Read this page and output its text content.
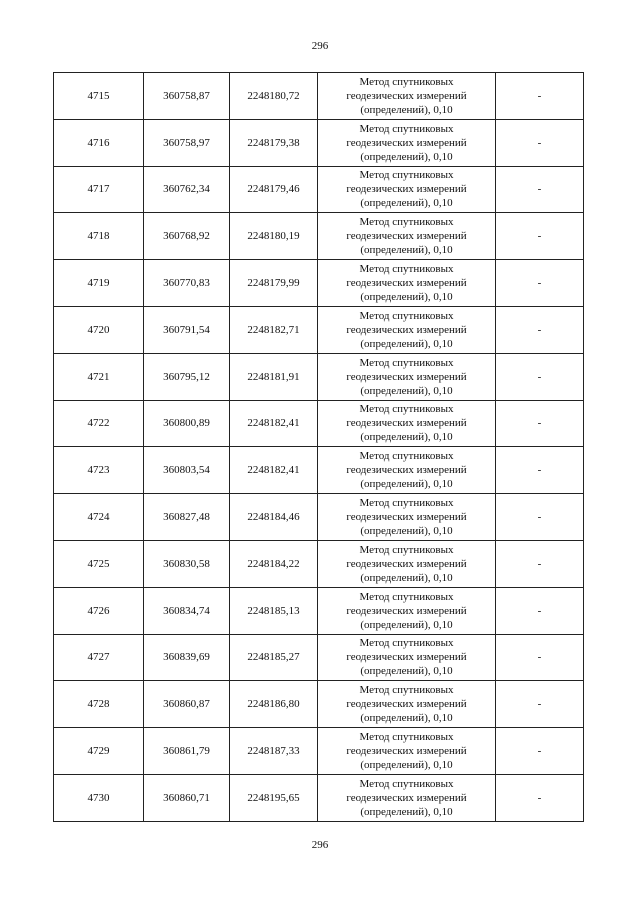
296
4715	360758,87	2248180,72	Метод спутниковых
геодезических измерений
(определений), 0,10	-
4716	360758,97	2248179,38	Метод спутниковых
геодезических измерений
(определений), 0,10	-
4717	360762,34	2248179,46	Метод спутниковых
геодезических измерений
(определений), 0,10	-
4718	360768,92	2248180,19	Метод спутниковых
геодезических измерений
(определений), 0,10	-
4719	360770,83	2248179,99	Метод спутниковых
геодезических измерений
(определений), 0,10	-
4720	360791,54	2248182,71	Метод спутниковых
геодезических измерений
(определений), 0,10	-
4721	360795,12	2248181,91	Метод спутниковых
геодезических измерений
(определений), 0,10	-
4722	360800,89	2248182,41	Метод спутниковых
геодезических измерений
(определений), 0,10	-
4723	360803,54	2248182,41	Метод спутниковых
геодезических измерений
(определений), 0,10	-
4724	360827,48	2248184,46	Метод спутниковых
геодезических измерений
(определений), 0,10	-
4725	360830,58	2248184,22	Метод спутниковых
геодезических измерений
(определений), 0,10	-
4726	360834,74	2248185,13	Метод спутниковых
геодезических измерений
(определений), 0,10	-
4727	360839,69	2248185,27	Метод спутниковых
геодезических измерений
(определений), 0,10	-
4728	360860,87	2248186,80	Метод спутниковых
геодезических измерений
(определений), 0,10	-
4729	360861,79	2248187,33	Метод спутниковых
геодезических измерений
(определений), 0,10	-
4730	360860,71	2248195,65	Метод спутниковых
геодезических измерений
(определений), 0,10	-
296
